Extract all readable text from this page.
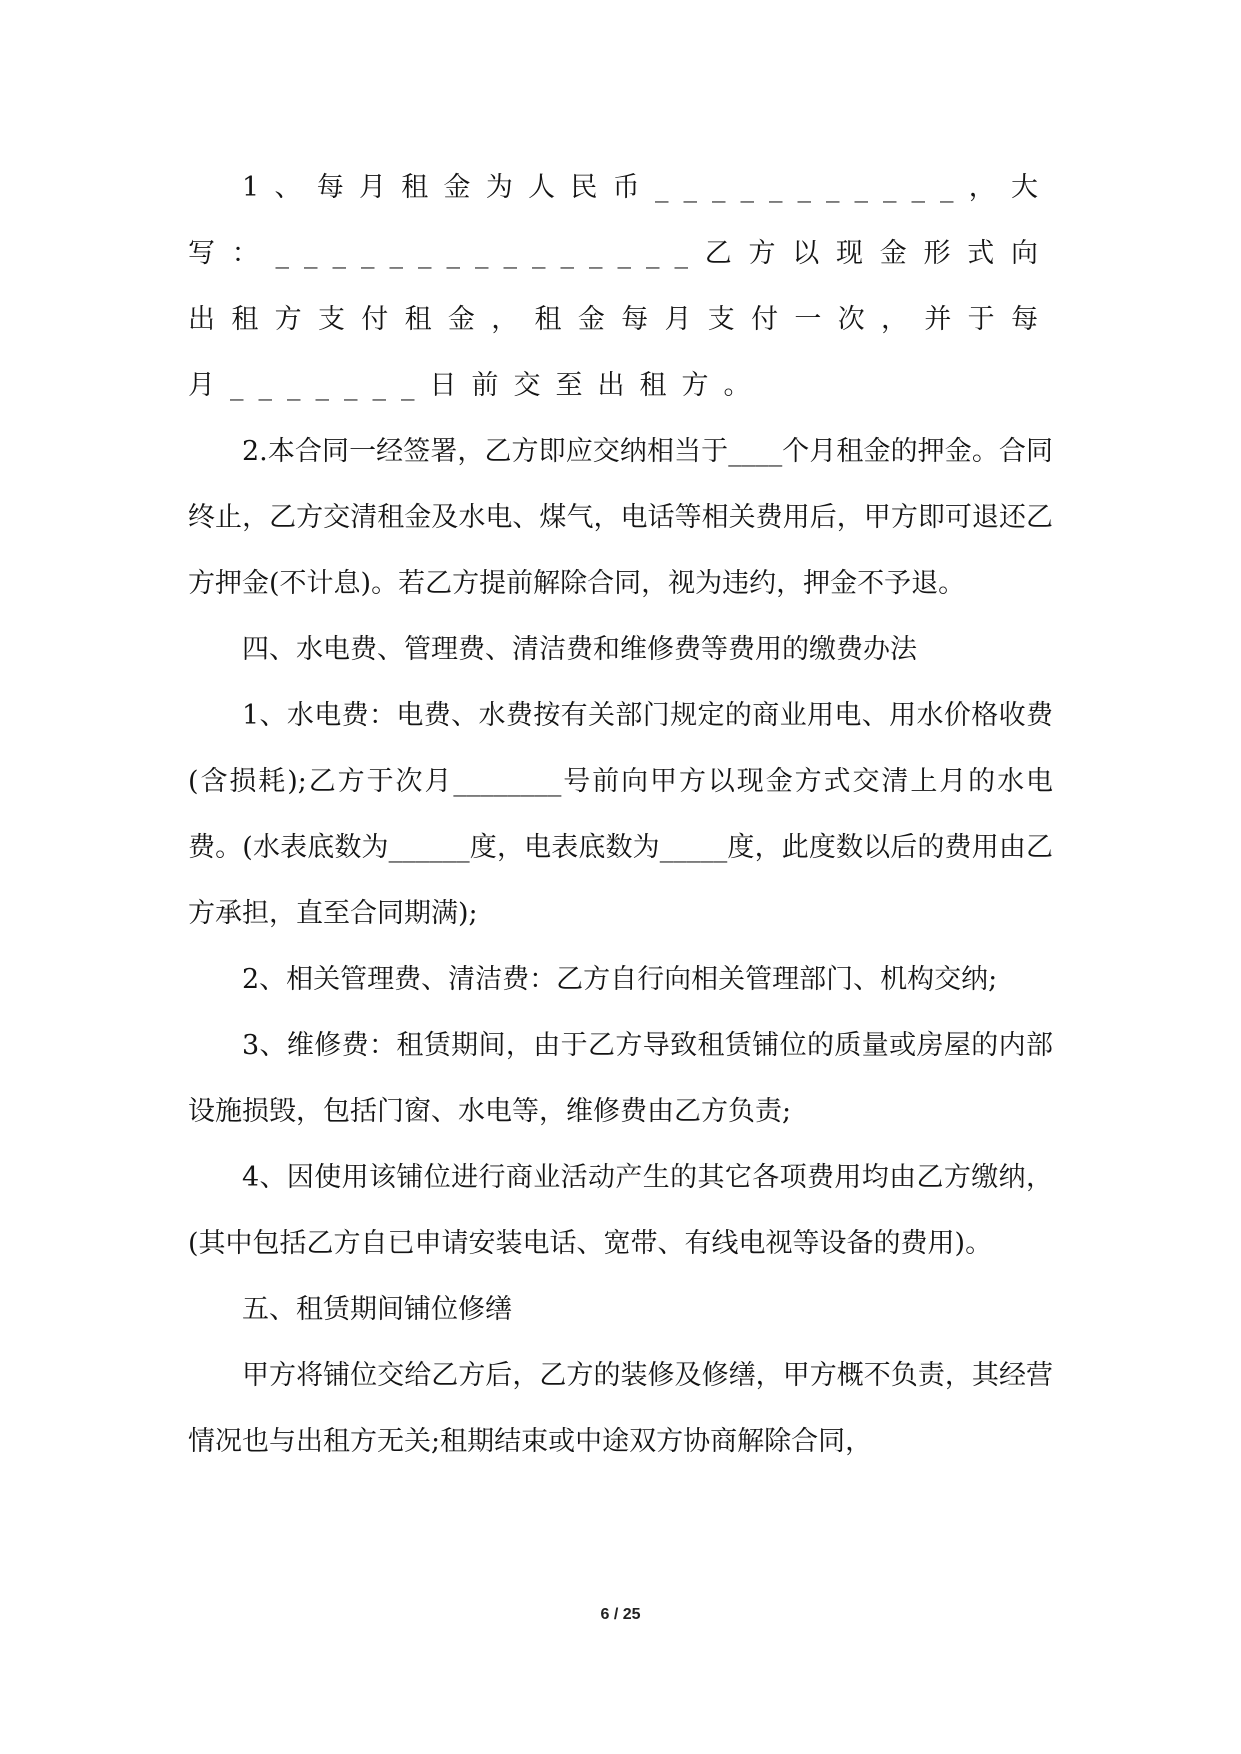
1、每月租金为人民币___________，大写：_______________乙方以现金形式向出租方支付租金，租金每月支付一次，并于每月_______日前交至出租方。

2.本合同一经签署，乙方即应交纳相当于____个月租金的押金。合同终止，乙方交清租金及水电、煤气，电话等相关费用后，甲方即可退还乙方押金(不计息)。若乙方提前解除合同，视为违约，押金不予退。

四、水电费、管理费、清洁费和维修费等费用的缴费办法

1、水电费：电费、水费按有关部门规定的商业用电、用水价格收费(含损耗);乙方于次月________号前向甲方以现金方式交清上月的水电费。(水表底数为______度，电表底数为_____度，此度数以后的费用由乙方承担，直至合同期满);

2、相关管理费、清洁费：乙方自行向相关管理部门、机构交纳;

3、维修费：租赁期间，由于乙方导致租赁铺位的质量或房屋的内部设施损毁，包括门窗、水电等，维修费由乙方负责;

4、因使用该铺位进行商业活动产生的其它各项费用均由乙方缴纳，(其中包括乙方自已申请安装电话、宽带、有线电视等设备的费用)。

五、租赁期间铺位修缮

甲方将铺位交给乙方后，乙方的装修及修缮，甲方概不负责，其经营情况也与出租方无关;租期结束或中途双方协商解除合同，

6 / 25
